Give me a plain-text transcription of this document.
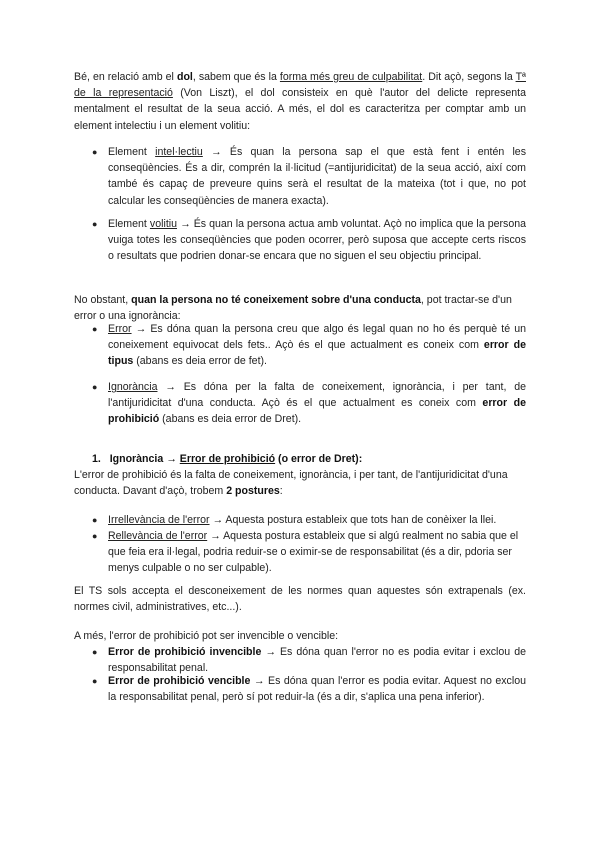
Bé, en relació amb el dol, sabem que és la forma més greu de culpabilitat. Dit açò, segons la Tª de la representació (Von Liszt), el dol consisteix en què l'autor del delicte representa mentalment el resultat de la seua acció. A més, el dol es caracteritza per comptar amb un element intelectiu i un element volitiu:
● Element intel·lectiu → És quan la persona sap el que està fent i entén les conseqüències. És a dir, comprén la il·licitud (=antijuridicitat) de la seua acció, així com també és capaç de preveure quins serà el resultat de la mateixa (tot i que, no pot calcular les conseqüències de manera exacta).
● Element volitiu → És quan la persona actua amb voluntat. Açò no implica que la persona vuiga totes les conseqüències que poden ocorrer, però suposa que accepte certs riscos o resultats que podrien donar-se encara que no siguen el seu objectiu principal.
No obstant, quan la persona no té coneixement sobre d'una conducta, pot tractar-se d'un error o una ignorància:
● Error → Es dóna quan la persona creu que algo és legal quan no ho és perquè té un coneixement equivocat dels fets.. Açò és el que actualment es coneix com error de tipus (abans es deia error de fet).
● Ignorància → Es dóna per la falta de coneixement, ignorància, i per tant, de l'antijuridicitat d'una conducta. Açò és el que actualment es coneix com error de prohibició (abans es deia error de Dret).
1. Ignorància → Error de prohibició (o error de Dret):
L'error de prohibició és la falta de coneixement, ignorància, i per tant, de l'antijuridicitat d'una conducta. Davant d'açò, trobem 2 postures:
● Irrellevància de l'error → Aquesta postura estableix que tots han de conèixer la llei.
● Rellevància de l'error → Aquesta postura estableix que si algú realment no sabia que el que feia era il·legal, podria reduir-se o eximir-se de responsabilitat (és a dir, pdoria ser menys culpable o no ser culpable).
El TS sols accepta el desconeixement de les normes quan aquestes són extrapenals (ex. normes civil, administratives, etc...).
A més, l'error de prohibició pot ser invencible o vencible:
● Error de prohibició invencible → Es dóna quan l'error no es podia evitar i exclou de responsabilitat penal.
● Error de prohibició vencible → Es dóna quan l'error es podia evitar. Aquest no exclou la responsabilitat penal, però sí pot reduir-la (és a dir, s'aplica una pena inferior).
